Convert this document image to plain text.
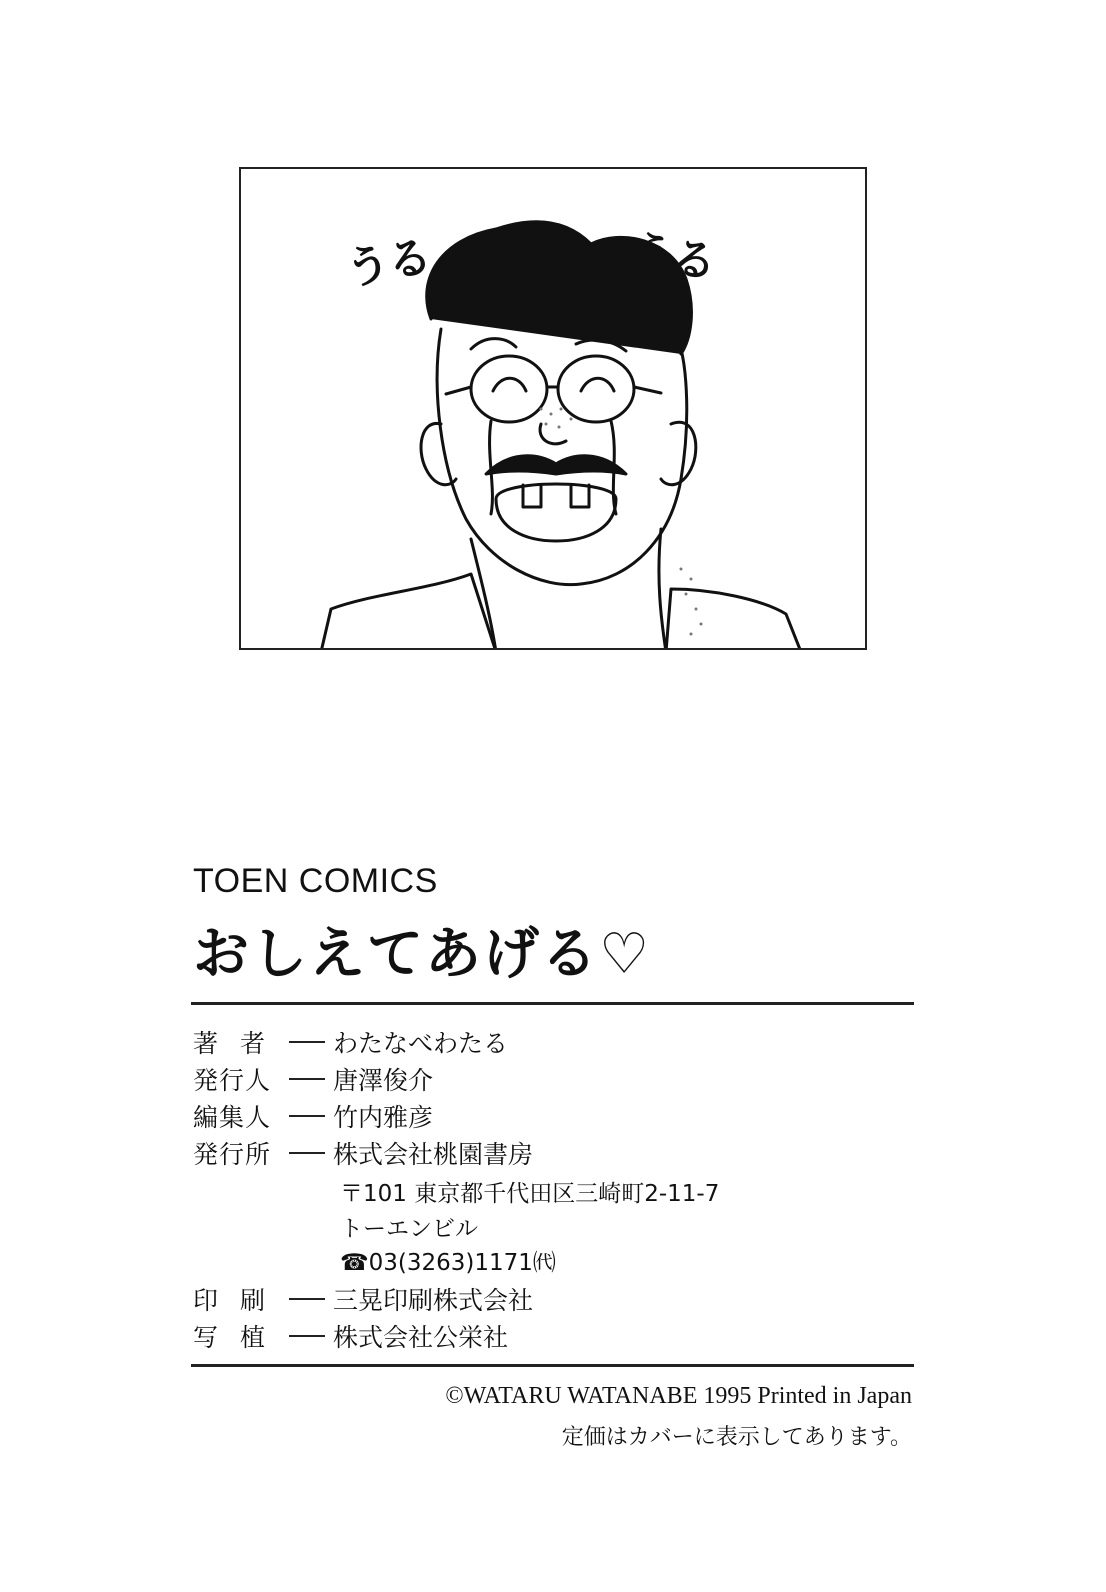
うる	うる
TOEN COMICS
おしえてあげる♡
著者 わたなべわたる
発行人	唐澤俊介
編集人	竹内雅彦
発行所	株式会社桃園書房
〒101 東京都千代田区三崎町2-11-7
トーエンビル
☎03(3263)1171㈹
印刷 三晃印刷株式会社
写植 株式会社公栄社
©WATARU WATANABE 1995 Printed in Japan
定価はカバーに表示してあります。
